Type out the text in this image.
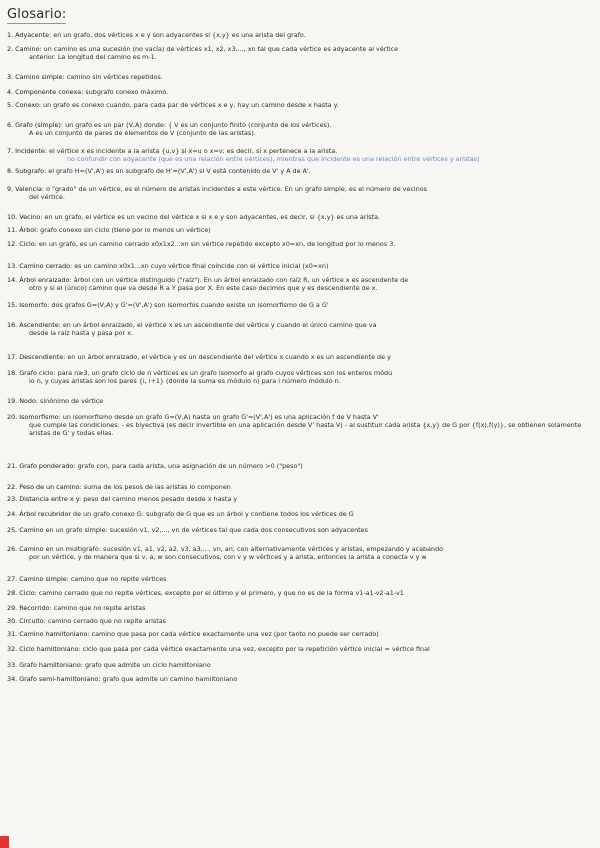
Glosario:
1. Adyacente: en un grafo, dos vértices x e y son adyacentes si {x,y} es una arista del grafo.
2. Camino: un camino es una sucesión (no vacía) de vértices x1, x2, x3,..., xn tal que cada vértice es adyacente al vértice
anterior. La longitud del camino es m-1.
3. Camino simple: camino sin vértices repetidos.
4. Componente conexa: subgrafo conexo máximo.
5. Conexo: un grafo es conexo cuando, para cada par de vértices x e y, hay un camino desde x hasta y.
6. Grafo (simple): un grafo es un par (V,A) donde: { V es un conjunto finito (conjunto de los vértices).
A es un conjunto de pares de elementos de V (conjunto de las aristas).
7. Incidente: el vértice x es incidente a la arista {u,v} si x=u o x=v; es decir, si x pertenece a la arista.
no confundir con adyacente (que es una relación entre vértices), mientras que incidente es una relación entre vértices y aristas)
8. Subgrafo: el grafo H=(V',A') es un subgrafo de H'=(V',A') si V está contenido de V' y A de A'.
9. Valencia: o "grado" de un vértice, es el número de aristas incidentes a este vértice. En un grafo simple, es el número de vecinos
del vértice.
10. Vecino: en un grafo, el vértice es un vecino del vértice x si x e y son adyacentes, es decir, si {x,y} es una arista.
11. Árbol: grafo conexo sin ciclo (tiene por lo menos un vértice)
12. Ciclo: en un grafo, es un camino cerrado x0x1x2...xn sin vértice repetido excepto x0=xn, de longitud por lo menos 3.
13. Camino cerrado: es un camino x0x1...xn cuyo vértice final coincide con el vértice inicial (x0=xn)
14. Árbol enraizado: árbol con un vértice distinguido ("raíz"). En un árbol enraizado con raíz R, un vértice x es ascendente de
otro y si el (único) camino que va desde R a Y pasa por X. En este caso decimos que y es descendiente de x.
15. Isomorfo: dos grafos G=(V,A) y G'=(V',A') son isomorfos cuando existe un isomorfismo de G a G'
16. Ascendiente: en un árbol enraizado, el vértice x es un ascendiente del vértice y cuando el único camino que va
desde la raíz hasta y pasa por x.
17. Descendiente: en un árbol enraizado, el vértice y es un descendiente del vértice x cuando x es un ascendiente de y
18. Grafo ciclo: para n≥3, un grafo ciclo de n vértices es un grafo isomorfo al grafo cuyos vértices son los enteros módu
lo n, y cuyas aristas son los pares {i, i+1} (donde la suma es módulo n) para i número módulo n.
19. Nodo: sinónimo de vértice
20. Isomorfismo: un isomorfismo desde un grafo G=(V,A) hasta un grafo G'=(V',A') es una aplicación f de V hasta V'
que cumple las condiciones: - es biyectiva (es decir invertible en una aplicación desde V' hasta V) - al sustituir cada arista {x,y} de G por {f(x),f(y)}, se obtienen solamente aristas de G' y todas ellas.
21. Grafo ponderado: grafo con, para cada arista, una asignación de un número >0 ("peso")
22. Peso de un camino: suma de los pesos de las aristas lo componen
23. Distancia entre x y: peso del camino menos pesado desde x hasta y
24. Árbol recubridor de un grafo conexo G: subgrafo de G que es un árbol y contiene todos los vértices de G
25. Camino en un grafo simple: sucesión v1, v2,..., vn de vértices tal que cada dos consecutivos son adyacentes
26. Camino en un multigrafo: sucesión v1, a1, v2, a2, v3, a3,..., vn, an; con alternativamente vértices y aristas, empezando y acabando
por un vértice, y de manera que si v, a, w son consecutivos, con v y w vértices y a arista, entonces la arista a conecta v y w
27. Camino simple: camino que no repite vértices
28. Ciclo: camino cerrado que no repite vértices, excepto por el último y el primero, y que no es de la forma v1-a1-v2-a1-v1
29. Recorrido: camino que no repite aristas
30. Circuito: camino cerrado que no repite aristas
31. Camino hamiltoniano: camino que pasa por cada vértice exactamente una vez (por tanto no puede ser cerrado)
32. Ciclo hamiltoniano: ciclo que pasa por cada vértice exactamente una vez, excepto por la repetición vértice inicial = vértice final
33. Grafo hamiltoniano: grafo que admite un ciclo hamiltoniano
34. Grafo semi-hamiltoniano: grafo que admite un camino hamiltoniano
